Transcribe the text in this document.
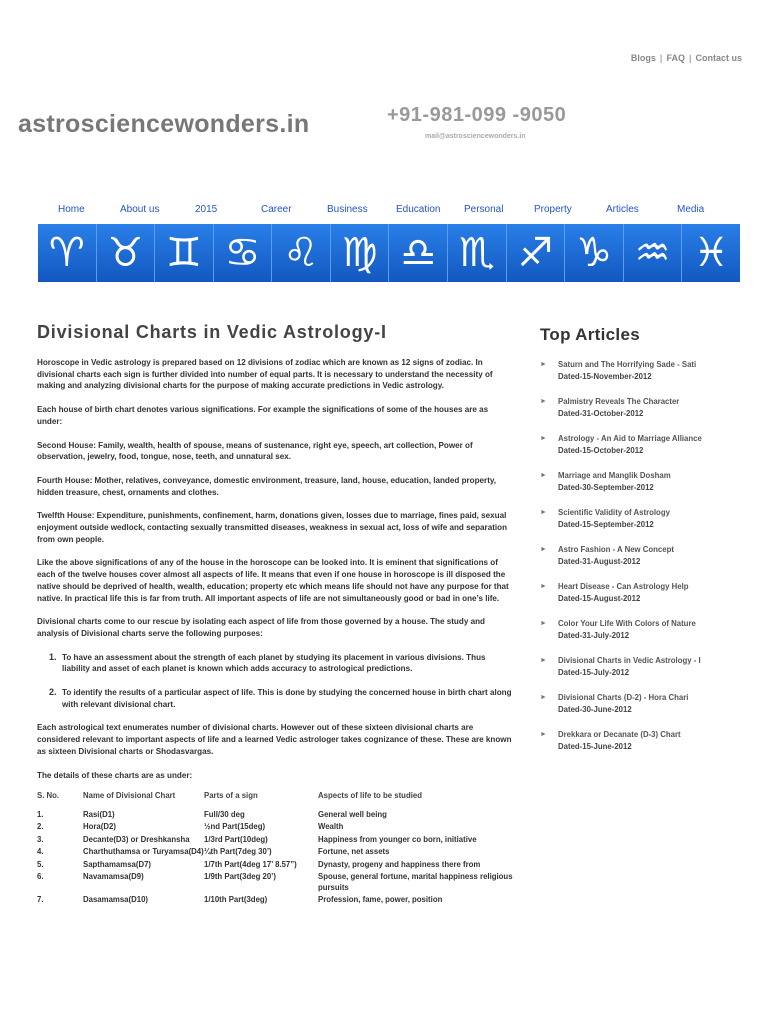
Blogs | FAQ | Contact us
astrosciencewonders.in	+91-981-099 -9050
mail@astrosciencewonders.in
Home	About us	2015	Career	Business	Education Personal	Property	Articles	Media
♈ ♉ ♊ ♋ ♌ ♍ ♎ ♏ ♐ ♑ ♒ ♓
Divisional Charts in Vedic Astrology-I

Horoscope in Vedic astrology is prepared based on 12 divisions of zodiac which are known as 12 signs of zodiac. In divisional charts each sign is further divided into number of equal parts. It is necessary to understand the necessity of making and analyzing divisional charts for the purpose of making accurate predictions in Vedic astrology.

Each house of birth chart denotes various significations. For example the significations of some of the houses are as under:

Second House: Family, wealth, health of spouse, means of sustenance, right eye, speech, art collection, Power of observation, jewelry, food, tongue, nose, teeth, and unnatural sex.

Fourth House: Mother, relatives, conveyance, domestic environment, treasure, land, house, education, landed property, hidden treasure, chest, ornaments and clothes.

Twelfth House: Expenditure, punishments, confinement, harm, donations given, losses due to marriage, fines paid, sexual enjoyment outside wedlock, contacting sexually transmitted diseases, weakness in sexual act, loss of wife and separation from own people.

Like the above significations of any of the house in the horoscope can be looked into. It is eminent that significations of each of the twelve houses cover almost all aspects of life. It means that even if one house in horoscope is ill disposed the native should be deprived of health, wealth, education; property etc which means life should not have any purpose for that native. In practical life this is far from truth. All important aspects of life are not simultaneously good or bad in one’s life.

Divisional charts come to our rescue by isolating each aspect of life from those governed by a house. The study and analysis of Divisional charts serve the following purposes:

1. To have an assessment about the strength of each planet by studying its placement in various divisions. Thus liability and asset of each planet is known which adds accuracy to astrological predictions.
2. To identify the results of a particular aspect of life. This is done by studying the concerned house in birth chart along with relevant divisional chart.

Each astrological text enumerates number of divisional charts. However out of these sixteen divisional charts are considered relevant to important aspects of life and a learned Vedic astrologer takes cognizance of these. These are known as sixteen Divisional charts or Shodasvargas.

The details of these charts are as under:

S. No.	Name of Divisional Chart	Parts of a sign	Aspects of life to be studied
1.	Rasi(D1)	Full/30 deg	General well being
2.	Hora(D2)	½nd Part(15deg)	Wealth
3.	Decante(D3) or Dreshkansha	1/3rd Part(10deg)	Happiness from younger co born, initiative
4.	Charthuthamsa or Turyamsa(D4)	¼th Part(7deg 30’)	Fortune, net assets
5.	Sapthamamsa(D7)	1/7th Part(4deg 17’ 8.57”)	Dynasty, progeny and happiness there from
6.	Navamamsa(D9)	1/9th Part(3deg 20’)	Spouse, general fortune, marital happiness religious pursuits
7.	Dasamamsa(D10)	1/10th Part(3deg)	Profession, fame, power, position
Top Articles
► Saturn and The Horrifying Sade - Sati
Dated-15-November-2012
► Palmistry Reveals The Character
Dated-31-October-2012
► Astrology - An Aid to Marriage Alliance
Dated-15-October-2012
► Marriage and Manglik Dosham
Dated-30-September-2012
► Scientific Validity of Astrology
Dated-15-September-2012
► Astro Fashion - A New Concept
Dated-31-August-2012
► Heart Disease - Can Astrology Help
Dated-15-August-2012
► Color Your Life With Colors of Nature
Dated-31-July-2012
► Divisional Charts in Vedic Astrology - I
Dated-15-July-2012
► Divisional Charts (D-2) - Hora Chari
Dated-30-June-2012
► Drekkara or Decanate (D-3) Chart
Dated-15-June-2012
